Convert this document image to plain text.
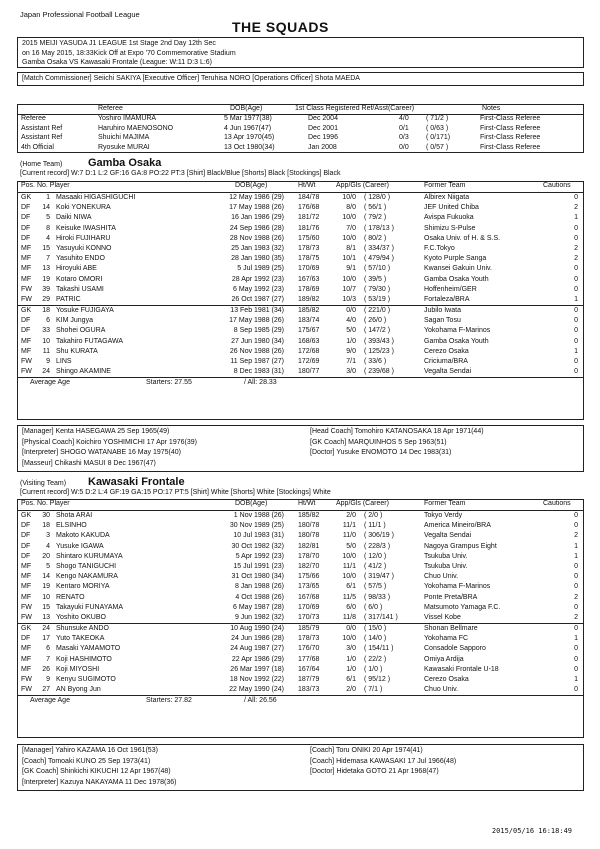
Japan Professional Football League
THE SQUADS
2015 MEIJI YASUDA J1 LEAGUE 1st Stage 2nd Day 12th Sec
on 16 May 2015, 18:33Kick Off at Expo '70 Commemorative Stadium
Gamba Osaka VS Kawasaki Frontale (League: W:11 D:3 L:6)
[Match Commissioner] Seiichi SAKIYA [Executive Officer] Teruhisa NORO [Operations Officer] Shota MAEDA
Referee	DOB(Age)	1st Class Registered Ref/Asst(Career)	Notes
Referee	Yoshiro IMAMURA	5 Mar 1977(38)	Dec 2004	4/0 ( 71/2 )	First-Class Referee
Assistant Ref	Haruhiro MAENOSONO	4 Jun 1967(47)	Dec 2001	0/1 ( 0/63 )	First-Class Referee
Assistant Ref	Shuichi MAJIMA	13 Apr 1970(45)	Dec 1996	0/3 ( 0/171)	First-Class Referee
4th Official	Ryosuke MURAI	13 Oct 1980(34)	Jan 2008	0/0 ( 0/57 )	First-Class Referee
(Home Team) Gamba Osaka
[Current record] W:7 D:1 L:2 GF:16 GA:8 PO:22 PT:3 [Shirt] Black/Blue [Shorts] Black [Stockings] Black
Pos. No. Player	DOB(Age)	Ht/Wt	App/Gls (Career)	Former Team	Cautions
GK	1 Masaaki HIGASHIGUCHI	12 May 1986 (29) 184/78	10/0 ( 128/0 )	Albirex Niigata	0
DF	14 Koki YONEKURA	17 May 1988 (26) 176/68	8/0 ( 56/1 )	JEF United Chiba	2
DF	5 Daiki NIWA	16 Jan 1986 (29) 181/72	10/0 ( 79/2 )	Avispa Fukuoka	1
DF	8 Keisuke IWASHITA	24 Sep 1986 (28) 181/76	7/0 ( 178/13 )	Shimizu S-Pulse	0
DF	4 Hiroki FUJIHARU	28 Nov 1988 (26) 175/60	10/0 ( 80/2 )	Osaka Univ. of H. & S.S.	0
MF	15 Yasuyuki KONNO	25 Jan 1983 (32) 178/73	8/1 ( 334/37 )	F.C.Tokyo	2
MF	7 Yasuhito ENDO	28 Jan 1980 (35) 178/75	10/1 ( 479/94 )	Kyoto Purple Sanga	2
MF	13 Hiroyuki ABE	5 Jul 1989 (25) 170/69	9/1 ( 57/10 )	Kwansei Gakuin Univ.	0
MF	19 Kotaro OMORI	28 Apr 1992 (23) 167/63	10/0 ( 39/5 )	Gamba Osaka Youth	0
FW	39 Takashi USAMI	6 May 1992 (23) 178/69	10/7 ( 79/30 )	Hoffenheim/GER	0
FW	29 PATRIC	26 Oct 1987 (27) 189/82	10/3 ( 53/19 )	Fortaleza/BRA	1
GK	18 Yosuke FUJIGAYA	13 Feb 1981 (34) 185/82	0/0 ( 221/0 )	Jubilo Iwata	0
DF	6 KIM Jungya	17 May 1988 (26) 183/74	4/0 ( 26/0 )	Sagan Tosu	0
DF	33 Shohei OGURA	8 Sep 1985 (29) 175/67	5/0 ( 147/2 )	Yokohama F-Marinos	0
MF	10 Takahiro FUTAGAWA	27 Jun 1980 (34) 168/63	1/0 ( 393/43 )	Gamba Osaka Youth	0
MF	11 Shu KURATA	26 Nov 1988 (26) 172/68	9/0 ( 125/23 )	Cerezo Osaka	1
FW	9 LINS	11 Sep 1987 (27) 172/69	7/1 ( 33/6 )	Criciuma/BRA	0
FW	24 Shingo AKAMINE	8 Dec 1983 (31) 180/77	3/0 ( 239/68 )	Vegalta Sendai	0
Average Age	Starters: 27.55	/ All: 28.33
[Manager] Kenta HASEGAWA 25 Sep 1965(49)
[Physical Coach] Koichiro YOSHIMICHI 17 Apr 1976(39)
[Interpreter] SHOGO WATANABE 16 May 1975(40)
[Masseur] Chikashi MASUI 8 Dec 1967(47)
[Head Coach] Tomohiro KATANOSAKA 18 Apr 1971(44)
[GK Coach] MARQUINHOS 5 Sep 1963(51)
[Doctor] Yusuke ENOMOTO 14 Dec 1983(31)
(Visiting Team) Kawasaki Frontale
[Current record] W:5 D:2 L:4 GF:19 GA:15 PO:17 PT:5 [Shirt] White [Shorts] White [Stockings] White
Pos. No. Player	DOB(Age)	Ht/Wt	App/Gls (Career)	Former Team	Cautions
GK	30 Shota ARAI	1 Nov 1988 (26) 185/82	2/0 ( 2/0 )	Tokyo Verdy	0
DF	18 ELSINHO	30 Nov 1989 (25) 180/78	11/1 ( 11/1 )	America Mineiro/BRA	0
DF	3 Makoto KAKUDA	10 Jul 1983 (31) 180/78	11/0 ( 306/19 )	Vegalta Sendai	2
DF	4 Yusuke IGAWA	30 Oct 1982 (32) 182/81	5/0 ( 228/3 )	Nagoya Grampus Eight	1
DF	20 Shintaro KURUMAYA	5 Apr 1992 (23) 178/70	10/0 ( 12/0 )	Tsukuba Univ.	1
MF	5 Shogo TANIGUCHI	15 Jul 1991 (23) 182/70	11/1 ( 41/2 )	Tsukuba Univ.	0
MF	14 Kengo NAKAMURA	31 Oct 1980 (34) 175/66	10/0 ( 319/47 )	Chuo Univ.	0
MF	19 Kentaro MORIYA	8 Jan 1988 (26) 173/65	6/1 ( 57/5 )	Yokohama F-Marinos	0
MF	10 RENATO	4 Oct 1988 (26) 167/68	11/5 ( 98/33 )	Ponte Preta/BRA	2
FW	15 Takayuki FUNAYAMA	6 May 1987 (28) 170/69	6/0 ( 6/0 )	Matsumoto Yamaga F.C.	0
FW	13 Yoshito OKUBO	9 Jun 1982 (32) 170/73	11/8 ( 317/141 )	Vissel Kobe	2
GK	24 Shunsuke ANDO	10 Aug 1990 (24) 185/79	0/0 ( 15/0 )	Shonan Bellmare	0
DF	17 Yuto TAKEOKA	24 Jun 1986 (28) 178/73	10/0 ( 14/0 )	Yokohama FC	1
MF	6 Masaki YAMAMOTO	24 Aug 1987 (27) 176/70	3/0 ( 154/11 )	Consadole Sapporo	0
MF	7 Koji HASHIMOTO	22 Apr 1986 (29) 177/68	1/0 ( 22/2 )	Omiya Ardija	0
MF	26 Koji MIYOSHI	26 Mar 1997 (18) 167/64	1/0 ( 1/0 )	Kawasaki Frontale U-18	0
FW	9 Kenyu SUGIMOTO	18 Nov 1992 (22) 187/79	6/1 ( 95/12 )	Cerezo Osaka	1
FW	27 AN Byong Jun	22 May 1990 (24) 183/73	2/0 ( 7/1 )	Chuo Univ.	0
Average Age	Starters: 27.82	/ All: 26.56
[Manager] Yahiro KAZAMA 16 Oct 1961(53)
[Coach] Tomoaki KUNO 25 Sep 1973(41)
[GK Coach] Shinkichi KIKUCHI 12 Apr 1967(48)
[Interpreter] Kazuya NAKAYAMA 11 Dec 1978(36)
[Coach] Toru ONIKI 20 Apr 1974(41)
[Coach] Hidemasa KAWASAKI 17 Jul 1966(48)
[Doctor] Hidetaka GOTO 21 Apr 1968(47)
2015/05/16 16:18:49
